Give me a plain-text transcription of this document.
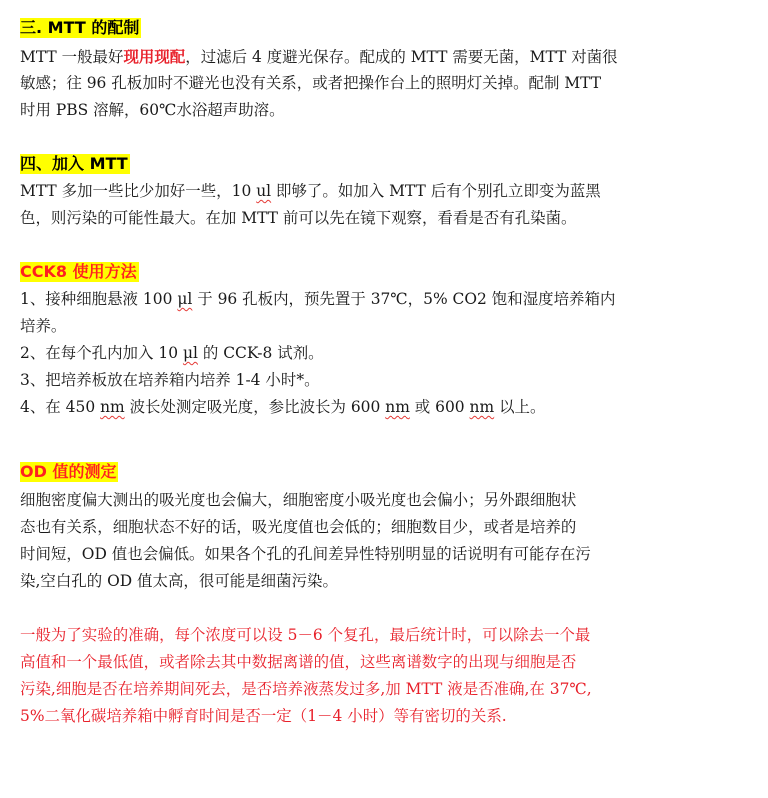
三. MTT 的配制
MTT 一般最好现用现配，过滤后 4 度避光保存。配成的 MTT 需要无菌，MTT 对菌很
敏感；往 96 孔板加时不避光也没有关系，或者把操作台上的照明灯关掉。配制 MTT
时用 PBS 溶解，60℃水浴超声助溶。
四、加入 MTT
MTT 多加一些比少加好一些，10 ul 即够了。如加入 MTT 后有个别孔立即变为蓝黑
色，则污染的可能性最大。在加 MTT 前可以先在镜下观察，看看是否有孔染菌。
CCK8 使用方法
1、接种细胞悬液 100 μl 于 96 孔板内，预先置于 37℃，5% CO2 饱和湿度培养箱内
培养。
2、在每个孔内加入 10 μl 的 CCK-8 试剂。
3、把培养板放在培养箱内培养 1-4 小时*。
4、在 450 nm 波长处测定吸光度，参比波长为 600 nm 或 600 nm 以上。
OD 值的测定
细胞密度偏大测出的吸光度也会偏大，细胞密度小吸光度也会偏小；另外跟细胞状
态也有关系，细胞状态不好的话，吸光度值也会低的；细胞数目少，或者是培养的
时间短，OD 值也会偏低。如果各个孔的孔间差异性特别明显的话说明有可能存在污
染,空白孔的 OD 值太高，很可能是细菌污染。
一般为了实验的准确，每个浓度可以设 5－6 个复孔，最后统计时，可以除去一个最
高值和一个最低值，或者除去其中数据离谱的值，这些离谱数字的出现与细胞是否
污染,细胞是否在培养期间死去，是否培养液蒸发过多,加 MTT 液是否准确,在 37℃,
5%二氧化碳培养箱中孵育时间是否一定（1－4 小时）等有密切的关系.
